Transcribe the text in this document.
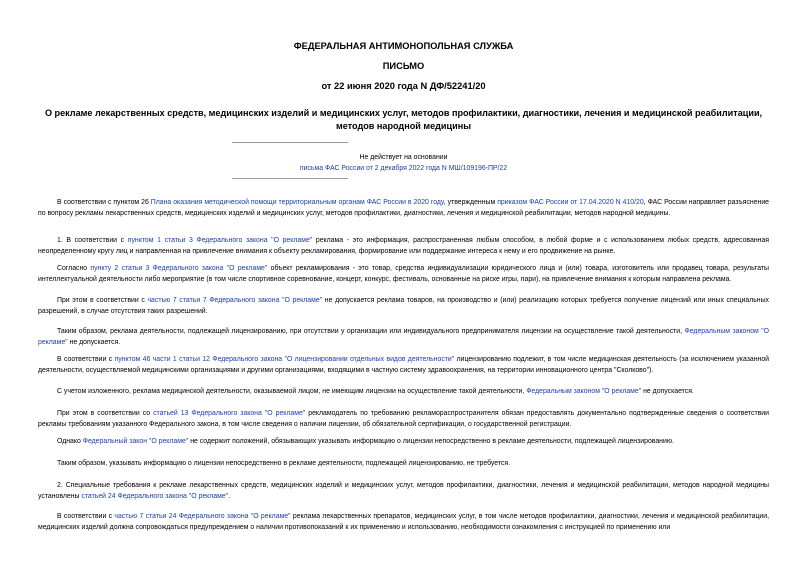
ФЕДЕРАЛЬНАЯ АНТИМОНОПОЛЬНАЯ СЛУЖБА
ПИСЬМО
от 22 июня 2020 года N ДФ/52241/20
О рекламе лекарственных средств, медицинских изделий и медицинских услуг, методов профилактики, диагностики, лечения и медицинской реабилитации, методов народной медицины
Не действует на основании
письма ФАС России от 2 декабря 2022 года N МШ/109196-ПР/22

В соответствии с пунктом 26 Плана оказания методической помощи территориальным органам ФАС России в 2020 году, утвержденным приказом ФАС России от 17.04.2020 N 410/20, ФАС России направляет разъяснение по вопросу рекламы лекарственных средств, медицинских изделий и медицинских услуг, методов профилактики, диагностики, лечения и медицинской реабилитации, методов народной медицины.

1. В соответствии с пунктом 1 статьи 3 Федерального закона "О рекламе" реклама - это информация, распространенная любым способом, в любой форме и с использованием любых средств, адресованная неопределенному кругу лиц и направленная на привлечение внимания к объекту рекламирования, формирование или поддержание интереса к нему и его продвижение на рынке.

Согласно пункту 2 статьи 3 Федерального закона "О рекламе" объект рекламирования - это товар, средства индивидуализации юридического лица и (или) товара, изготовитель или продавец товара, результаты интеллектуальной деятельности либо мероприятие (в том числе спортивное соревнование, концерт, конкурс, фестиваль, основанные на риске игры, пари), на привлечение внимания к которым направлена реклама.

При этом в соответствии с частью 7 статьи 7 Федерального закона "О рекламе" не допускается реклама товаров, на производство и (или) реализацию которых требуется получение лицензий или иных специальных разрешений, в случае отсутствия таких разрешений.

Таким образом, реклама деятельности, подлежащей лицензированию, при отсутствии у организации или индивидуального предпринимателя лицензии на осуществление такой деятельности, Федеральным законом "О рекламе" не допускается.

В соответствии с пунктом 46 части 1 статьи 12 Федерального закона "О лицензировании отдельных видов деятельности" лицензированию подлежит, в том числе медицинская деятельность (за исключением указанной деятельности, осуществляемой медицинскими организациями и другими организациями, входящими в частную систему здравоохранения, на территории инновационного центра "Сколково").

С учетом изложенного, реклама медицинской деятельности, оказываемой лицом, не имеющим лицензии на осуществление такой деятельности, Федеральным законом "О рекламе" не допускается.

При этом в соответствии со статьей 13 Федерального закона "О рекламе" рекламодатель по требованию рекламораспространителя обязан предоставлять документально подтвержденные сведения о соответствии рекламы требованиям указанного Федерального закона, в том числе сведения о наличии лицензии, об обязательной сертификации, о государственной регистрации.

Однако Федеральный закон "О рекламе" не содержит положений, обязывающих указывать информацию о лицензии непосредственно в рекламе деятельности, подлежащей лицензированию.

Таким образом, указывать информацию о лицензии непосредственно в рекламе деятельности, подлежащей лицензированию, не требуется.

2. Специальные требования к рекламе лекарственных средств, медицинских изделий и медицинских услуг, методов профилактики, диагностики, лечения и медицинской реабилитации, методов народной медицины установлены статьей 24 Федерального закона "О рекламе".

В соответствии с частью 7 статьи 24 Федерального закона "О рекламе" реклама лекарственных препаратов, медицинских услуг, в том числе методов профилактики, диагностики, лечения и медицинской реабилитации, медицинских изделий должна сопровождаться предупреждением о наличии противопоказаний к их применению и использованию, необходимости ознакомления с инструкцией по применению или
